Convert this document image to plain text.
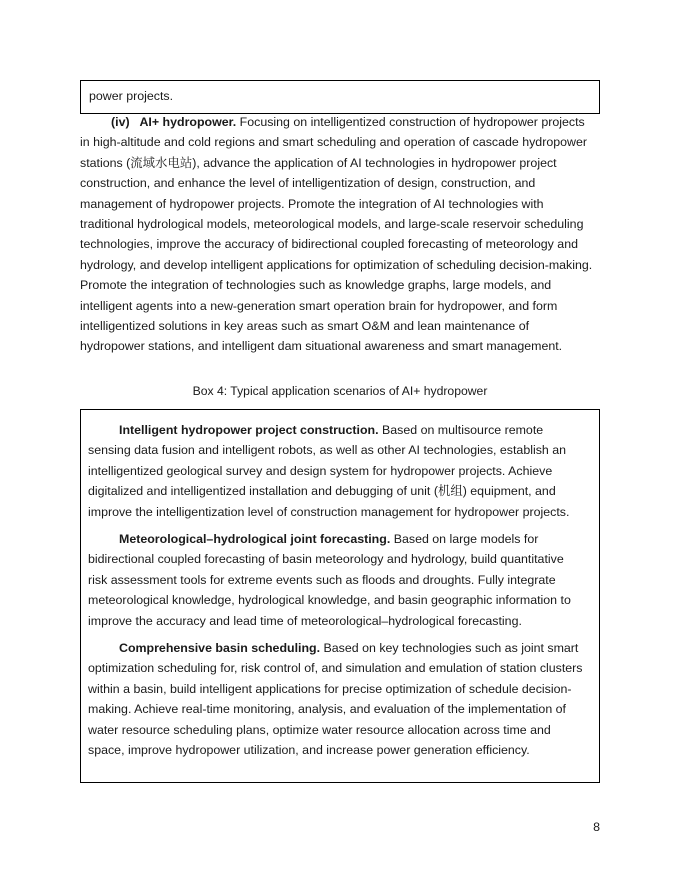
power projects.
(iv) AI+ hydropower. Focusing on intelligentized construction of hydropower projects in high-altitude and cold regions and smart scheduling and operation of cascade hydropower stations (流域水电站), advance the application of AI technologies in hydropower project construction, and enhance the level of intelligentization of design, construction, and management of hydropower projects. Promote the integration of AI technologies with traditional hydrological models, meteorological models, and large-scale reservoir scheduling technologies, improve the accuracy of bidirectional coupled forecasting of meteorology and hydrology, and develop intelligent applications for optimization of scheduling decision-making. Promote the integration of technologies such as knowledge graphs, large models, and intelligent agents into a new-generation smart operation brain for hydropower, and form intelligentized solutions in key areas such as smart O&M and lean maintenance of hydropower stations, and intelligent dam situational awareness and smart management.
Box 4: Typical application scenarios of AI+ hydropower

Intelligent hydropower project construction. Based on multisource remote sensing data fusion and intelligent robots, as well as other AI technologies, establish an intelligentized geological survey and design system for hydropower projects. Achieve digitalized and intelligentized installation and debugging of unit (机组) equipment, and improve the intelligentization level of construction management for hydropower projects.

Meteorological–hydrological joint forecasting. Based on large models for bidirectional coupled forecasting of basin meteorology and hydrology, build quantitative risk assessment tools for extreme events such as floods and droughts. Fully integrate meteorological knowledge, hydrological knowledge, and basin geographic information to improve the accuracy and lead time of meteorological–hydrological forecasting.

Comprehensive basin scheduling. Based on key technologies such as joint smart optimization scheduling for, risk control of, and simulation and emulation of station clusters within a basin, build intelligent applications for precise optimization of schedule decision-making. Achieve real-time monitoring, analysis, and evaluation of the implementation of water resource scheduling plans, optimize water resource allocation across time and space, improve hydropower utilization, and increase power generation efficiency.

8
